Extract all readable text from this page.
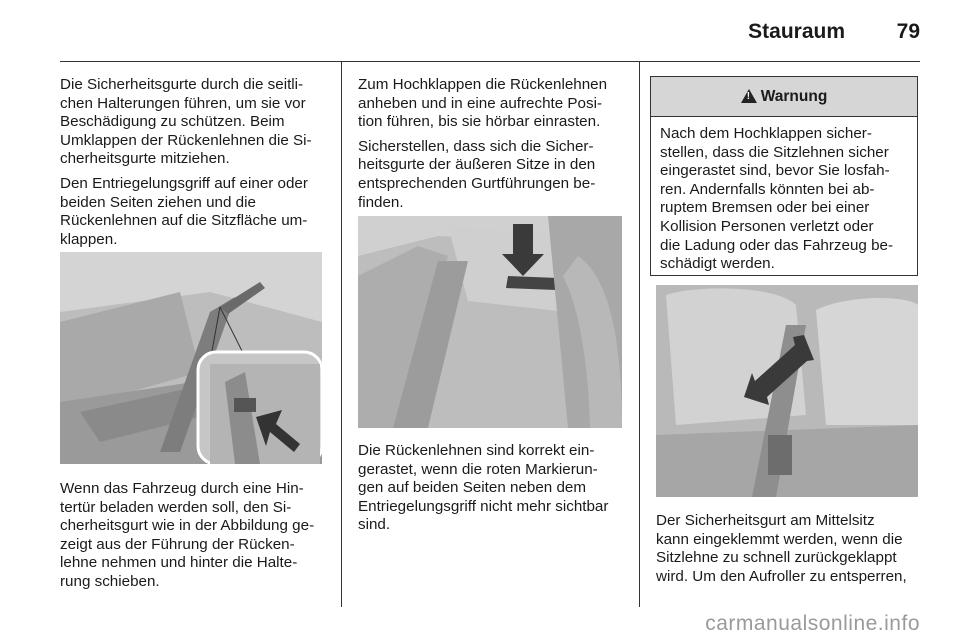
Stauraum 79

Die Sicherheitsgurte durch die seitli-
chen Halterungen führen, um sie vor
Beschädigung zu schützen. Beim
Umklappen der Rückenlehnen die Si-
cherheitsgurte mitziehen.

Den Entriegelungsgriff auf einer oder
beiden Seiten ziehen und die
Rückenlehnen auf die Sitzfläche um-
klappen.

Wenn das Fahrzeug durch eine Hin-
tertür beladen werden soll, den Si-
cherheitsgurt wie in der Abbildung ge-
zeigt aus der Führung der Rücken-
lehne nehmen und hinter die Halte-
rung schieben.

Zum Hochklappen die Rückenlehnen
anheben und in eine aufrechte Posi-
tion führen, bis sie hörbar einrasten.

Sicherstellen, dass sich die Sicher-
heitsgurte der äußeren Sitze in den
entsprechenden Gurtführungen be-
finden.

Die Rückenlehnen sind korrekt ein-
gerastet, wenn die roten Markierun-
gen auf beiden Seiten neben dem
Entriegelungsgriff nicht mehr sichtbar
sind.

!Warnung
Nach dem Hochklappen sicher-
stellen, dass die Sitzlehnen sicher
eingerastet sind, bevor Sie losfah-
ren. Andernfalls könnten bei ab-
ruptem Bremsen oder bei einer
Kollision Personen verletzt oder
die Ladung oder das Fahrzeug be-
schädigt werden.

Der Sicherheitsgurt am Mittelsitz
kann eingeklemmt werden, wenn die
Sitzlehne zu schnell zurückgeklappt
wird. Um den Aufroller zu entsperren,

carmanualsonline.info
